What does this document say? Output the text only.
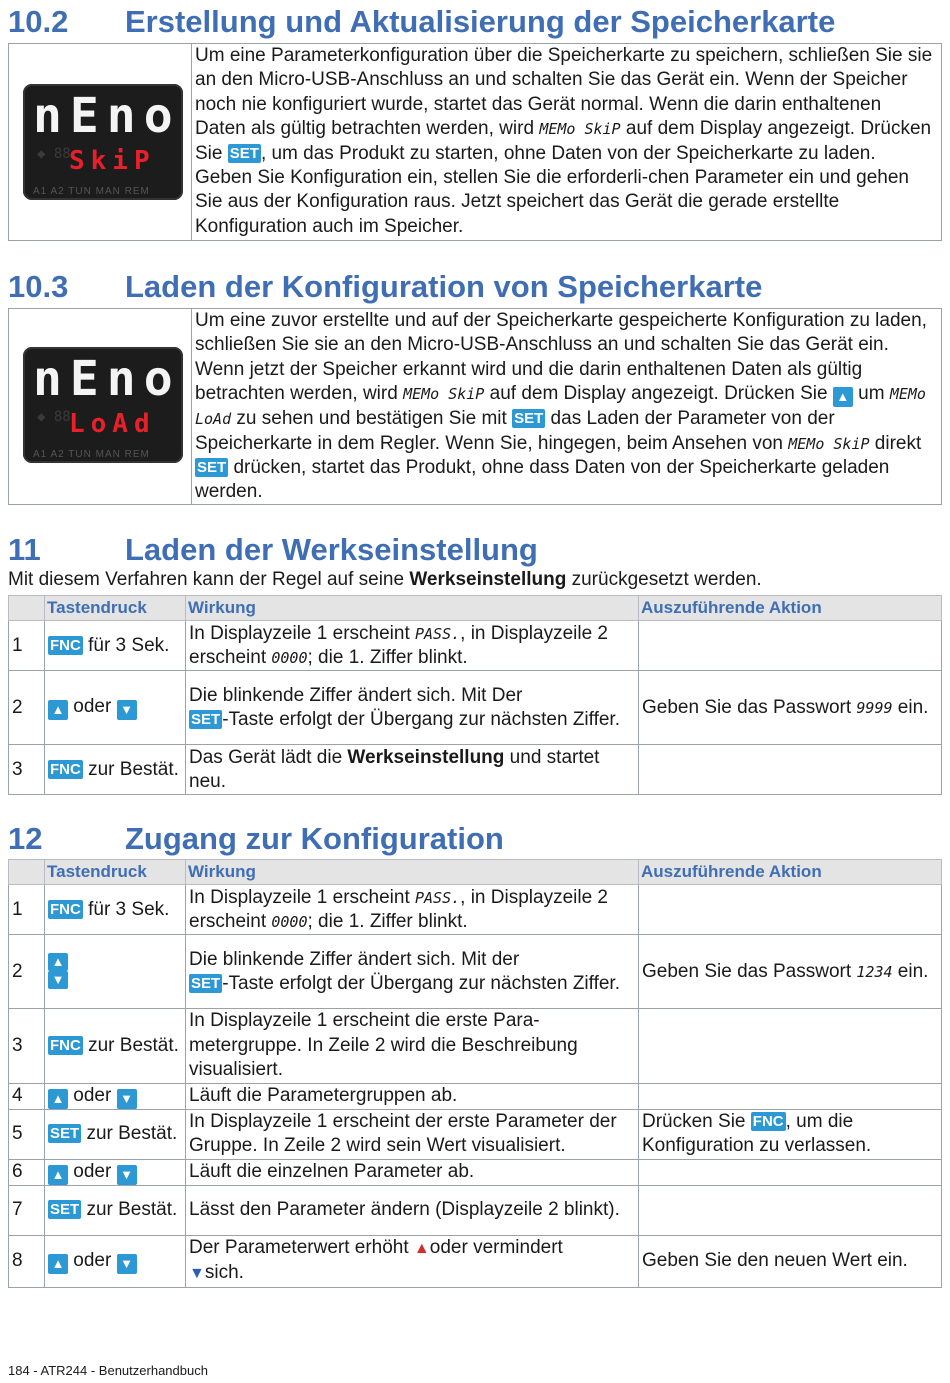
10.2 Erstellung und Aktualisierung der Speicherkarte
nEno
◆ 88
SkiP
A1 A2 TUN MAN REM
Um eine Parameterkonfiguration über die Speicherkarte zu speichern, schließen Sie sie an den Micro-USB-Anschluss an und schalten Sie das Gerät ein. Wenn der Speicher noch nie konfiguriert wurde, startet das Gerät normal. Wenn die darin enthaltenen Daten als gültig betrachten werden, wird MEMo SkiP auf dem Display angezeigt. Drücken Sie SET , um das Produkt zu starten, ohne Daten von der Speicherkarte zu laden. Geben Sie Konfiguration ein, stellen Sie die erforderli-chen Parameter ein und gehen Sie aus der Konfiguration raus. Jetzt speichert das Gerät die gerade erstellte Konfiguration auch im Speicher.
10.3 Laden der Konfiguration von Speicherkarte
nEno
◆ 88
LoAd
A1 A2 TUN MAN REM
Um eine zuvor erstellte und auf der Speicherkarte gespeicherte Konfiguration zu laden, schließen Sie sie an den Micro-USB-Anschluss an und schalten Sie das Gerät ein. Wenn jetzt der Speicher erkannt wird und die darin enthaltenen Daten als gültig betrachten werden, wird MEMo SkiP auf dem Display angezeigt. Drücken Sie ▲ um MEMo LoAd zu sehen und bestätigen Sie mit SET das Laden der Parameter von der Speicherkarte in dem Regler. Wenn Sie, hingegen, beim Ansehen von MEMo SkiP direkt SET drücken, startet das Produkt, ohne dass Daten von der Speicherkarte geladen werden.
11	Laden der Werkseinstellung
Mit diesem Verfahren kann der Regel auf seine Werkseinstellung zurückgesetzt werden.
	Tastendruck	Wirkung	Auszuführende Aktion
1	FNC für 3 Sek.	In Displayzeile 1 erscheint PASS., in Displayzeile 2 erscheint 0000; die 1. Ziffer blinkt.	
2	▲ oder ▼	Die blinkende Ziffer ändert sich. Mit Der
SET -Taste erfolgt der Übergang zur nächsten Ziffer.	Geben Sie das Passwort 9999 ein.
3	FNC zur Bestät.	Das Gerät lädt die Werkseinstellung und startet neu.	
12	Zugang zur Konfiguration
	Tastendruck	Wirkung	Auszuführende Aktion
1	FNC für 3 Sek.	In Displayzeile 1 erscheint PASS., in Displayzeile 2 erscheint 0000; die 1. Ziffer blinkt.	
2	▲
▼	Die blinkende Ziffer ändert sich. Mit der
SET -Taste erfolgt der Übergang zur nächsten Ziffer.	Geben Sie das Passwort 1234 ein.
3	FNC zur Bestät.	In Displayzeile 1 erscheint die erste Para-metergruppe. In Zeile 2 wird die Beschreibung visualisiert.	
4	▲ oder ▼	Läuft die Parametergruppen ab.	
5	SET zur Bestät.	In Displayzeile 1 erscheint der erste Parameter der Gruppe. In Zeile 2 wird sein Wert visualisiert.	Drücken Sie FNC , um die Konfiguration zu verlassen.
6	▲ oder ▼	Läuft die einzelnen Parameter ab.	
7	SET zur Bestät.	Lässt den Parameter ändern (Displayzeile 2 blinkt).	
8	▲ oder ▼	Der Parameterwert erhöht ▲oder vermindert
▼sich.	Geben Sie den neuen Wert ein.
184 - ATR244 - Benutzerhandbuch
